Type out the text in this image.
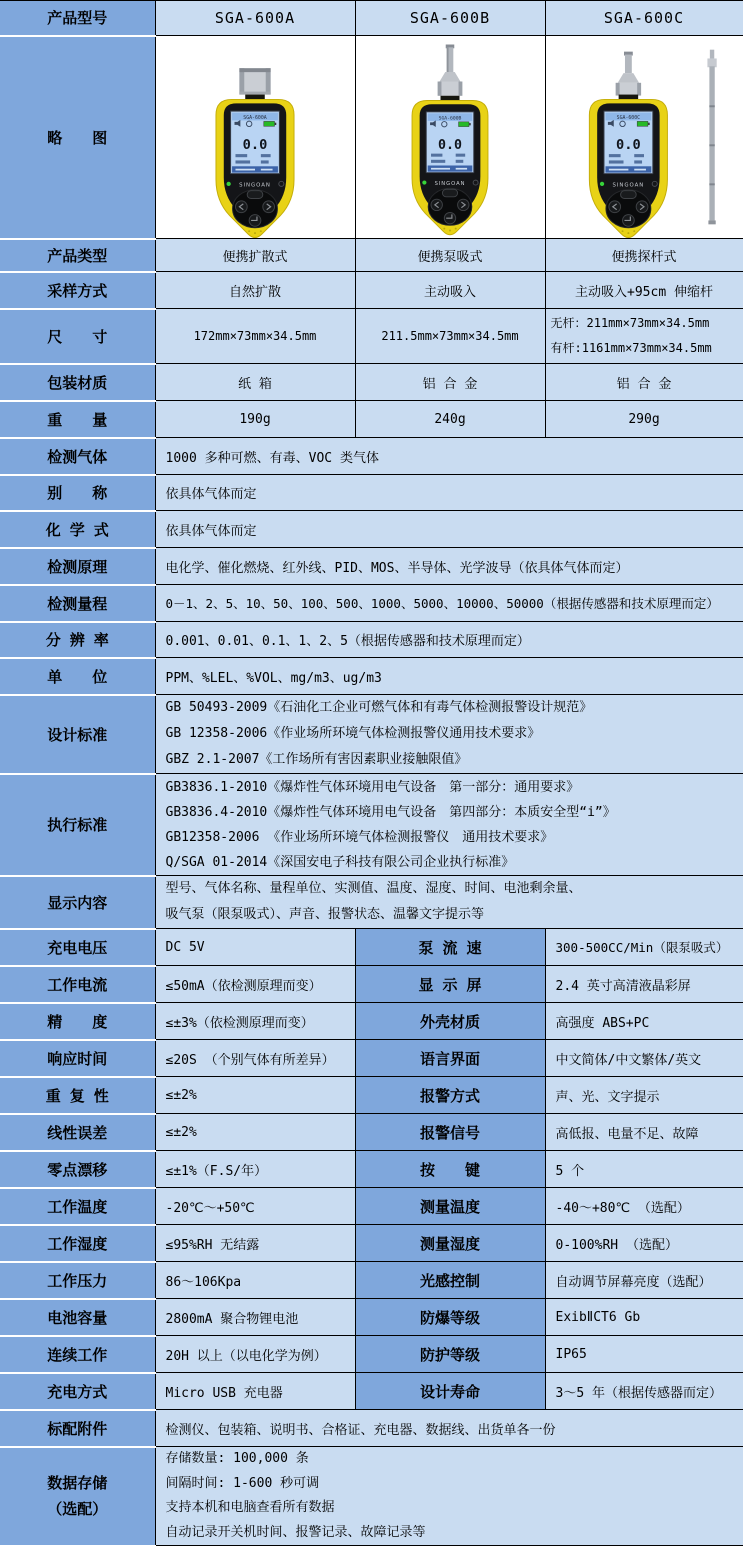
产品型号	SGA-600A	SGA-600B	SGA-600C
略　　图	SGA-600A	SGA-600B	SGA-600C

产品类型	便携扩散式	便携泵吸式	便携探杆式
采样方式	自然扩散	主动吸入	主动吸入+95cm 伸缩杆
尺　　寸	172mm×73mm×34.5mm	211.5mm×73mm×34.5mm	无杆：211mm×73mm×34.5mm
有杆:1161mm×73mm×34.5mm

包装材质	纸 箱	铝 合 金	铝 合 金
重　　量	190g	240g	290g
检测气体	1000 多种可燃、有毒、VOC 类气体		
别　　称	依具体气体而定		
化 学 式	依具体气体而定		
检测原理	电化学、催化燃烧、红外线、PID、MOS、半导体、光学波导（依具体气体而定）		
检测量程	0－1、2、5、10、50、100、500、1000、5000、10000、50000（根据传感器和技术原理而定）		
分 辨 率	0.001、0.01、0.1、1、2、5（根据传感器和技术原理而定）		
单　　位	PPM、%LEL、%VOL、mg/m3、ug/m3		
设计标准	GB 50493-2009《石油化工企业可燃气体和有毒气体检测报警设计规范》
GB 12358-2006《作业场所环境气体检测报警仪通用技术要求》
GBZ 2.1-2007《工作场所有害因素职业接触限值》		

执行标准	GB3836.1-2010《爆炸性气体环境用电气设备　第一部分：通用要求》
GB3836.4-2010《爆炸性气体环境用电气设备　第四部分：本质安全型“i”》
GB12358-2006 《作业场所环境气体检测报警仪　通用技术要求》
Q/SGA 01-2014《深国安电子科技有限公司企业执行标准》		

显示内容	型号、气体名称、量程单位、实测值、温度、湿度、时间、电池剩余量、
吸气泵（限泵吸式）、声音、报警状态、温馨文字提示等		

充电电压	DC 5V	泵 流 速	300-500CC/Min（限泵吸式）
工作电流	≤50mA（依检测原理而变）	显 示 屏	2.4 英寸高清液晶彩屏
精　　度	≤±3%（依检测原理而变）	外壳材质	高强度 ABS+PC
响应时间	≤20S （个别气体有所差异）	语言界面	中文简体/中文繁体/英文
重 复 性	≤±2%	报警方式	声、光、文字提示
线性误差	≤±2%	报警信号	高低报、电量不足、故障
零点漂移	≤±1%（F.S/年）	按　　键	5 个
工作温度	-20℃～+50℃	测量温度	-40～+80℃ （选配）
工作湿度	≤95%RH 无结露	测量湿度	0-100%RH （选配）
工作压力	86～106Kpa	光感控制	自动调节屏幕亮度（选配）
电池容量	2800mA 聚合物锂电池	防爆等级	ExibⅡCT6 Gb
连续工作	20H 以上（以电化学为例）	防护等级	IP65
充电方式	Micro USB 充电器	设计寿命	3～5 年（根据传感器而定）
标配附件	检测仪、包装箱、说明书、合格证、充电器、数据线、出货单各一份		

数据存储
（选配）	存储数量: 100,000 条
间隔时间: 1-600 秒可调
支持本机和电脑查看所有数据
自动记录开关机时间、报警记录、故障记录等		
